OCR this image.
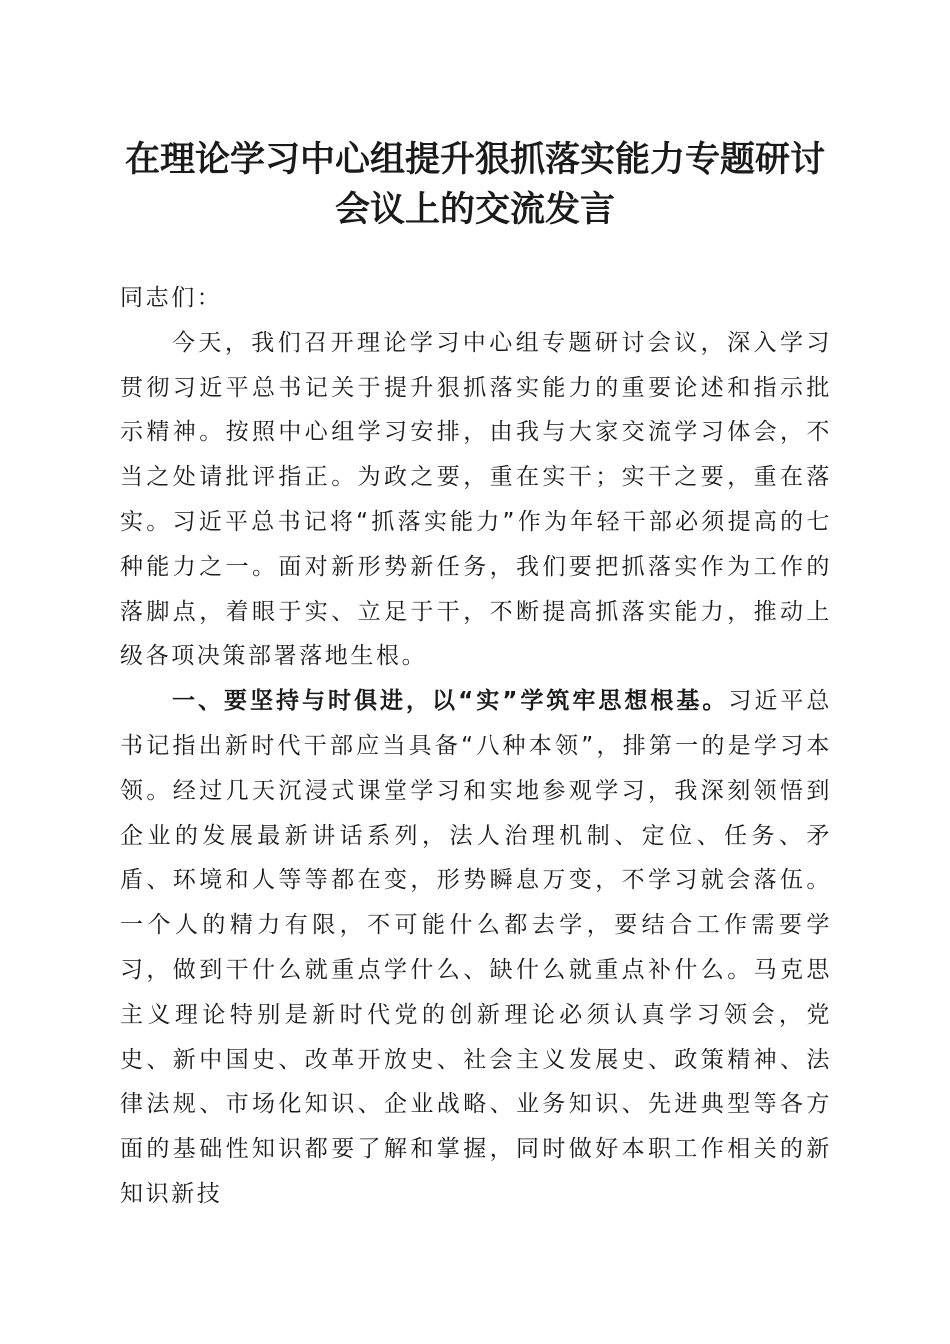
在理论学习中心组提升狠抓落实能力专题研讨
会议上的交流发言

同志们：

今天，我们召开理论学习中心组专题研讨会议，深入学习贯彻习近平总书记关于提升狠抓落实能力的重要论述和指示批示精神。按照中心组学习安排，由我与大家交流学习体会，不当之处请批评指正。为政之要，重在实干；实干之要，重在落实。习近平总书记将“抓落实能力”作为年轻干部必须提高的七种能力之一。面对新形势新任务，我们要把抓落实作为工作的落脚点，着眼于实、立足于干，不断提高抓落实能力，推动上级各项决策部署落地生根。

一、要坚持与时俱进，以“实”学筑牢思想根基。习近平总书记指出新时代干部应当具备“八种本领”，排第一的是学习本领。经过几天沉浸式课堂学习和实地参观学习，我深刻领悟到企业的发展最新讲话系列，法人治理机制、定位、任务、矛盾、环境和人等等都在变，形势瞬息万变，不学习就会落伍。一个人的精力有限，不可能什么都去学，要结合工作需要学习，做到干什么就重点学什么、缺什么就重点补什么。马克思主义理论特别是新时代党的创新理论必须认真学习领会，党史、新中国史、改革开放史、社会主义发展史、政策精神、法律法规、市场化知识、企业战略、业务知识、先进典型等各方面的基础性知识都要了解和掌握，同时做好本职工作相关的新知识新技
